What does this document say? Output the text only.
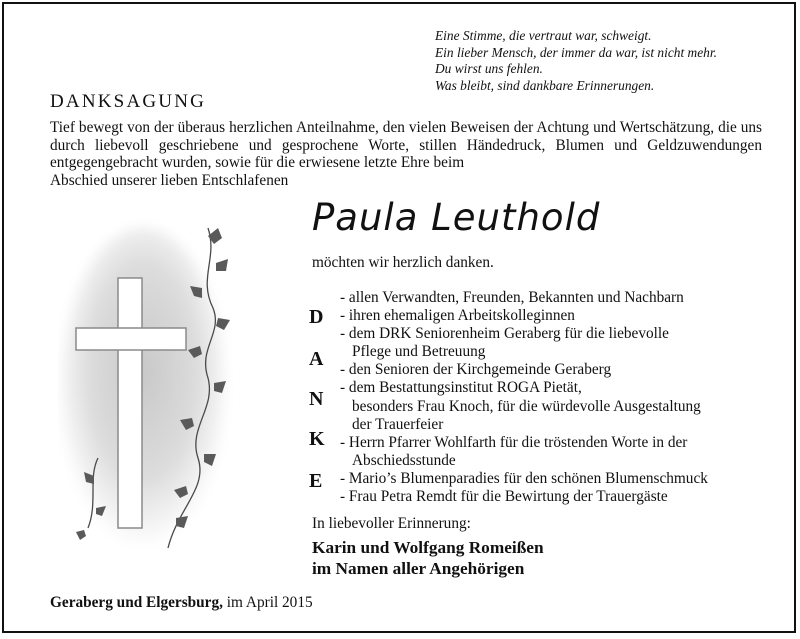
Eine Stimme, die vertraut war, schweigt.
Ein lieber Mensch, der immer da war, ist nicht mehr.
Du wirst uns fehlen.
Was bleibt, sind dankbare Erinnerungen.
DANKSAGUNG
Tief bewegt von der überaus herzlichen Anteilnahme, den vielen Beweisen der Achtung und Wertschätzung, die uns durch liebevoll geschriebene und gesprochene Worte, stillen Händedruck, Blumen und Geldzuwendungen entgegengebracht wurden, sowie für die erwiesene letzte Ehre beim
Abschied unserer lieben Entschlafenen
Paula Leuthold
möchten wir herzlich danken.
D
A
N
K
E
- allen Verwandten, Freunden, Bekannten und Nachbarn
- ihren ehemaligen Arbeitskolleginnen
- dem DRK Seniorenheim Geraberg für die liebevolle
Pflege und Betreuung
- den Senioren der Kirchgemeinde Geraberg
- dem Bestattungsinstitut ROGA Pietät,
besonders Frau Knoch, für die würdevolle Ausgestaltung
der Trauerfeier
- Herrn Pfarrer Wohlfarth für die tröstenden Worte in der
Abschiedsstunde
- Mario’s Blumenparadies für den schönen Blumenschmuck
- Frau Petra Remdt für die Bewirtung der Trauergäste
In liebevoller Erinnerung:
Karin und Wolfgang Romeißen
im Namen aller Angehörigen
Geraberg und Elgersburg, im April 2015
